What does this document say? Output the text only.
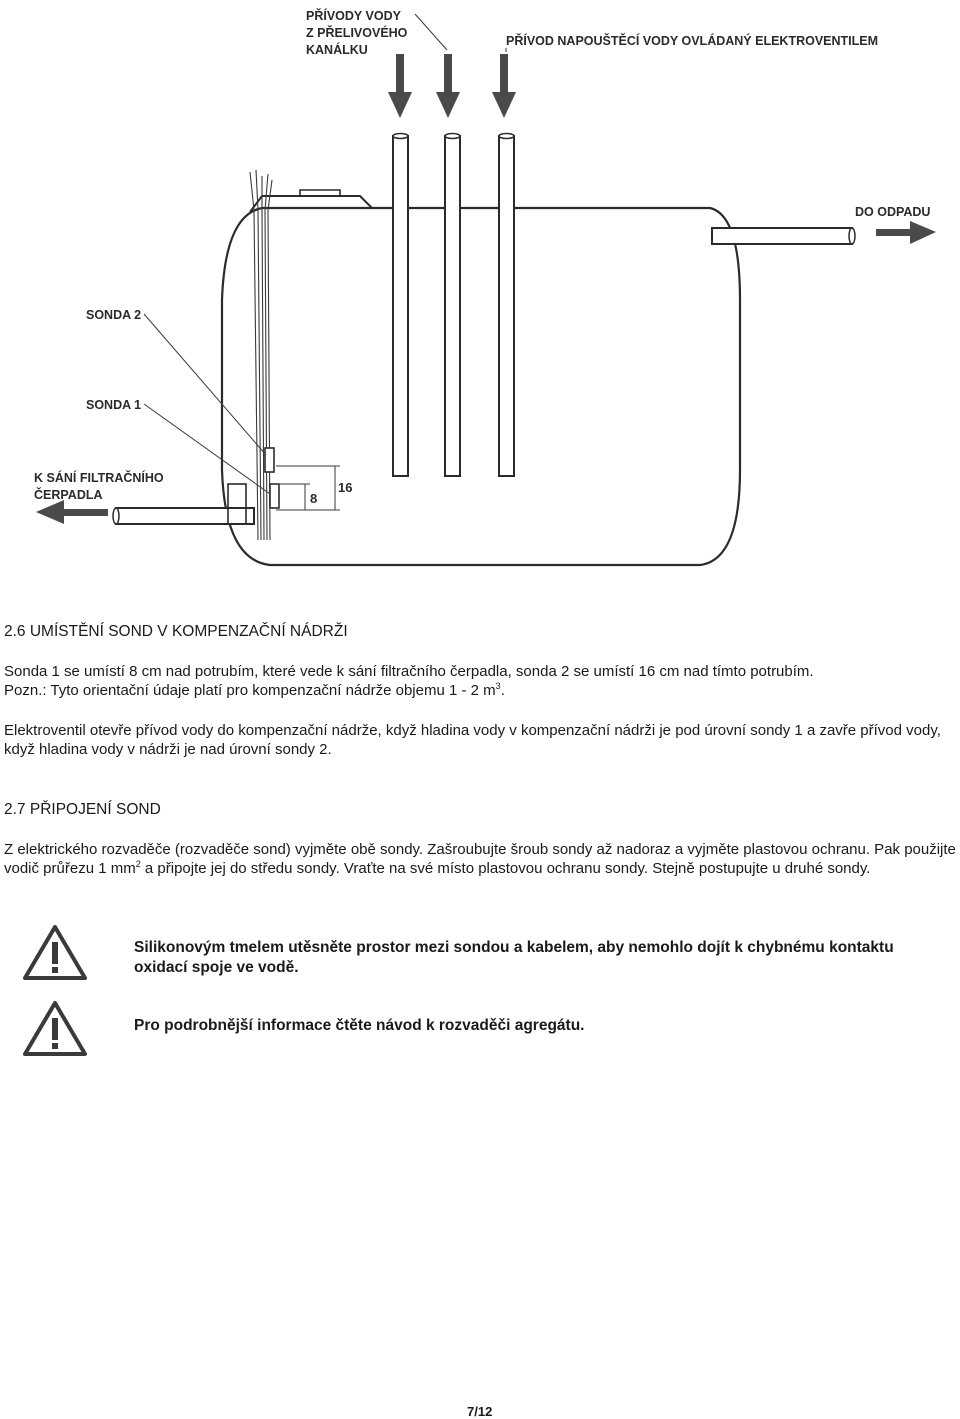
PŘÍVODY VODY
Z PŘELIVOVÉHO
KANÁLKU
PŘÍVOD NAPOUŠTĚCÍ VODY OVLÁDANÝ ELEKTROVENTILEM
DO ODPADU
SONDA 2
SONDA 1
K SÁNÍ FILTRAČNÍHO
ČERPADLA	8
16

2.6 UMÍSTĚNÍ SOND V KOMPENZAČNÍ NÁDRŽI

Sonda 1 se umístí 8 cm nad potrubím, které vede k sání filtračního čerpadla, sonda 2 se umístí 16 cm nad tímto potrubím.

Pozn.: Tyto orientační údaje platí pro kompenzační nádrže objemu 1 - 2 $m^3$.

Elektroventil otevře přívod vody do kompenzační nádrže, když hladina vody v kompenzační nádrži je pod úrovní sondy 1 a zavře přívod vody, když hladina vody v nádrži je nad úrovní sondy 2.

2.7 PŘIPOJENÍ SOND

Z elektrického rozvaděče (rozvaděče sond) vyjměte obě sondy. Zašroubujte šroub sondy až nadoraz a vyjměte plastovou ochranu. Pak použijte vodič průřezu 1 $mm^2$ a připojte jej do středu sondy. Vraťte na své místo plastovou ochranu sondy. Stejně postupujte u druhé sondy.

Silikonovým tmelem utěsněte prostor mezi sondou a kabelem, aby nemohlo dojít k chybnému kontaktu oxidací spoje ve vodě.

Pro podrobnější informace čtěte návod k rozvaděči agregátu.

7/12
